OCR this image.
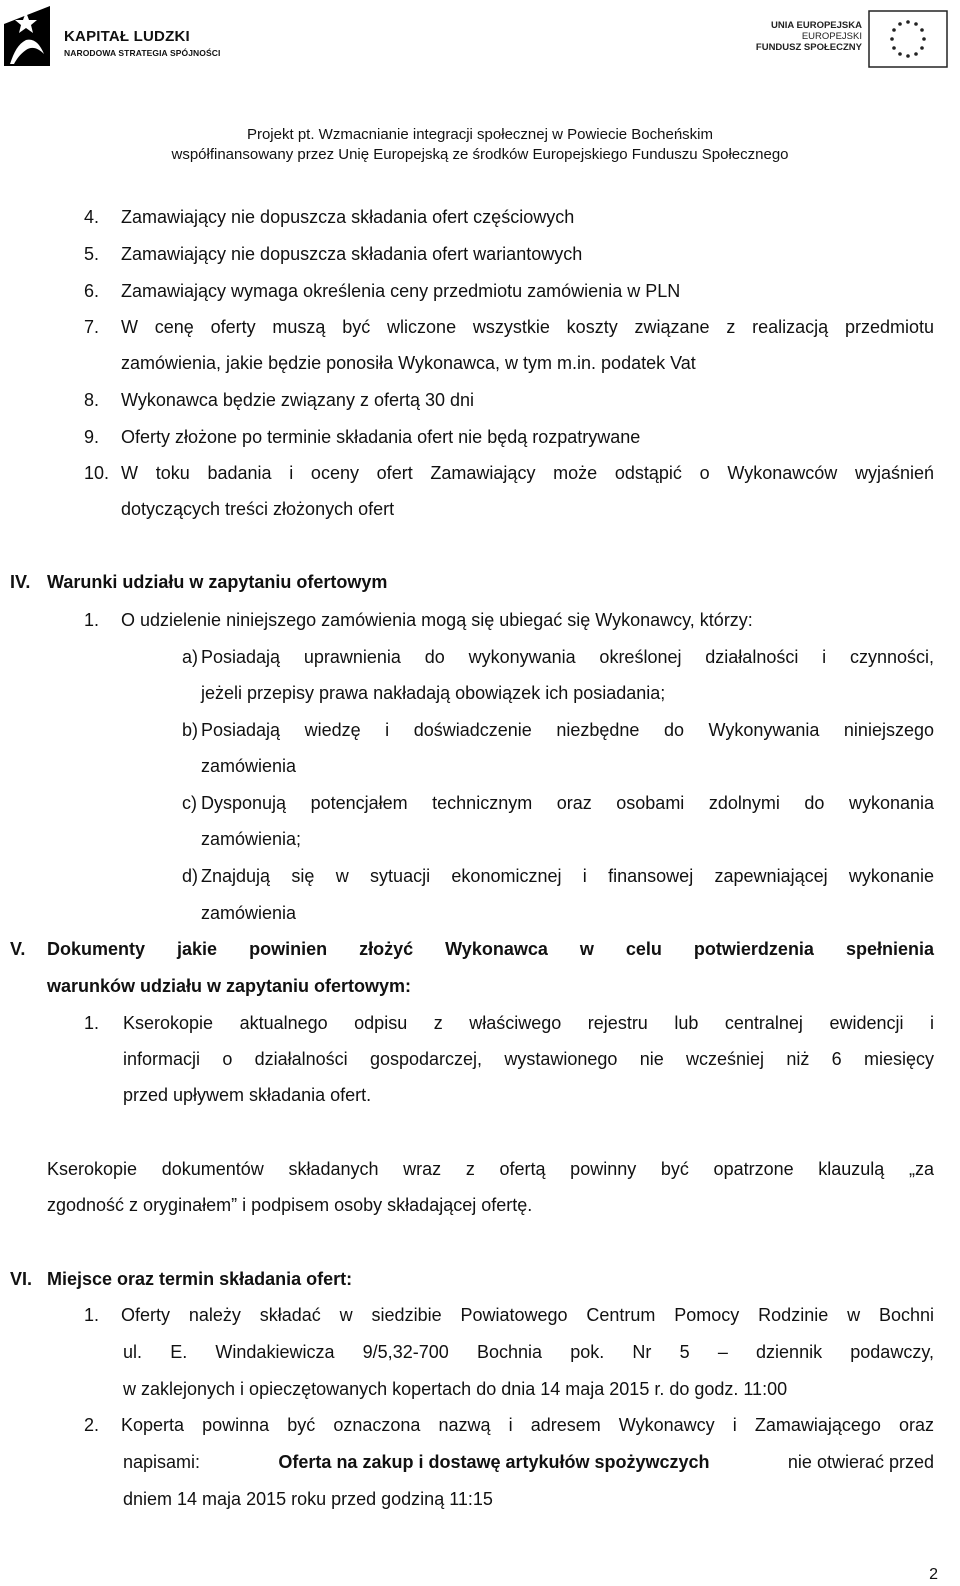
KAPITAŁ LUDZKI
NARODOWA STRATEGIA SPÓJNOŚCI
UNIA EUROPEJSKA
EUROPEJSKI
FUNDUSZ SPOŁECZNY
Projekt pt. Wzmacnianie integracji społecznej w Powiecie Bocheńskim
współfinansowany przez Unię Europejską ze środków Europejskiego Funduszu Społecznego
4. Zamawiający nie dopuszcza składania ofert częściowych
5. Zamawiający nie dopuszcza składania ofert wariantowych
6. Zamawiający wymaga określenia ceny przedmiotu zamówienia w PLN
7. W cenę oferty muszą być wliczone wszystkie koszty związane z realizacją przedmiotu
zamówienia, jakie będzie ponosiła Wykonawca, w tym m.in. podatek Vat
8. Wykonawca będzie związany z ofertą 30 dni
9. Oferty złożone po terminie składania ofert nie będą rozpatrywane
10. W toku badania i oceny ofert Zamawiający może odstąpić o Wykonawców wyjaśnień
dotyczących treści złożonych ofert
IV. Warunki udziału w zapytaniu ofertowym
1. O udzielenie niniejszego zamówienia mogą się ubiegać się Wykonawcy, którzy:
a) Posiadają uprawnienia do wykonywania określonej działalności i czynności,
jeżeli przepisy prawa nakładają obowiązek ich posiadania;
b) Posiadają wiedzę i doświadczenie niezbędne do Wykonywania niniejszego
zamówienia
c) Dysponują potencjałem technicznym oraz osobami zdolnymi do wykonania
zamówienia;
d) Znajdują się w sytuacji ekonomicznej i finansowej zapewniającej wykonanie
zamówienia
V. Dokumenty jakie powinien złożyć Wykonawca w celu potwierdzenia spełnienia
warunków udziału w zapytaniu ofertowym:
1. Kserokopie aktualnego odpisu z właściwego rejestru lub centralnej ewidencji i
informacji o działalności gospodarczej, wystawionego nie wcześniej niż 6 miesięcy
przed upływem składania ofert.
Kserokopie dokumentów składanych wraz z ofertą powinny być opatrzone klauzulą „za
zgodność z oryginałem” i podpisem osoby składającej ofertę.
VI. Miejsce oraz termin składania ofert:
1. Oferty należy składać w siedzibie Powiatowego Centrum Pomocy Rodzinie w Bochni
ul. E. Windakiewicza 9/5,32-700 Bochnia pok. Nr 5 – dziennik podawczy,
w zaklejonych i opieczętowanych kopertach do dnia 14 maja 2015 r. do godz. 11:00
2. Koperta powinna być oznaczona nazwą i adresem Wykonawcy i Zamawiającego oraz
napisami:	Oferta na zakup i dostawę artykułów spożywczych	nie otwierać przed
dniem 14 maja 2015 roku przed godziną 11:15
2
